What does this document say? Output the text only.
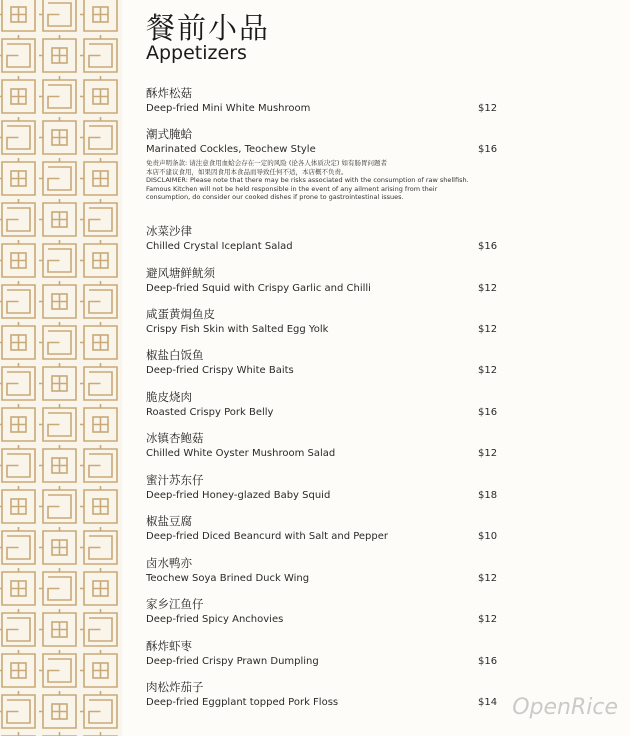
餐前小品
Appetizers
酥炸松菇
Deep-fried Mini White Mushroom	$12
潮式腌蛤
Marinated Cockles, Teochew Style	$16
免责声明条款: 请注意食用血蛤会存在一定的风险 (论各人体质决定) 如有肠胃问题者
本店不建议食用，如果因食用本食品而导致任何不适，本店概不负责。
DISCLAIMER: Please note that there may be risks associated with the consumption of raw shellfish.
Famous Kitchen will not be held responsible in the event of any ailment arising from their
consumption, do consider our cooked dishes if prone to gastrointestinal issues.
冰菜沙律
Chilled Crystal Iceplant Salad	$16
避风塘鲜鱿须
Deep-fried Squid with Crispy Garlic and Chilli	$12
咸蛋黄焗鱼皮
Crispy Fish Skin with Salted Egg Yolk	$12
椒盐白饭鱼
Deep-fried Crispy White Baits	$12
脆皮烧肉
Roasted Crispy Pork Belly	$16
冰镇杏鲍菇
Chilled White Oyster Mushroom Salad	$12
蜜汁苏东仔
Deep-fried Honey-glazed Baby Squid	$18
椒盐豆腐
Deep-fried Diced Beancurd with Salt and Pepper	$10
卤水鸭亦
Teochew Soya Brined Duck Wing	$12
家乡江鱼仔
Deep-fried Spicy Anchovies	$12
酥炸虾枣
Deep-fried Crispy Prawn Dumpling	$16
肉松炸茄子
Deep-fried Eggplant topped Pork Floss	$14 OpenRice
